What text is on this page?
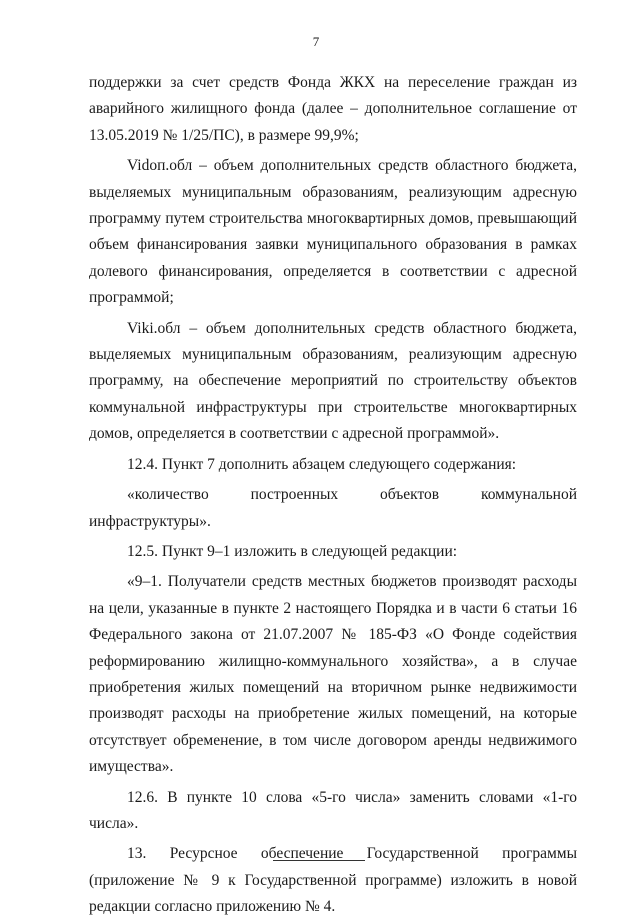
7

поддержки за счет средств Фонда ЖКХ на переселение граждан из аварийного жилищного фонда (далее – дополнительное соглашение от 13.05.2019 № 1/25/ПС), в размере 99,9%;

Vidоп.обл – объем дополнительных средств областного бюджета, выделяемых муниципальным образованиям, реализующим адресную программу путем строительства многоквартирных домов, превышающий объем финансирования заявки муниципального образования в рамках долевого финансирования, определяется в соответствии с адресной программой;

Viki.обл – объем дополнительных средств областного бюджета, выделяемых муниципальным образованиям, реализующим адресную программу, на обеспечение мероприятий по строительству объектов коммунальной инфраструктуры при строительстве многоквартирных домов, определяется в соответствии с адресной программой».

12.4. Пункт 7 дополнить абзацем следующего содержания:

«количество построенных объектов коммунальной инфраструктуры».

12.5. Пункт 9–1 изложить в следующей редакции:

«9–1. Получатели средств местных бюджетов производят расходы на цели, указанные в пункте 2 настоящего Порядка и в части 6 статьи 16 Федерального закона от 21.07.2007 № 185-ФЗ «О Фонде содействия реформированию жилищно-коммунального хозяйства», а в случае приобретения жилых помещений на вторичном рынке недвижимости производят расходы на приобретение жилых помещений, на которые отсутствует обременение, в том числе договором аренды недвижимого имущества».

12.6. В пункте 10 слова «5-го числа» заменить словами «1-го числа».

13. Ресурсное обеспечение Государственной программы (приложение № 9 к Государственной программе) изложить в новой редакции согласно приложению № 4.
